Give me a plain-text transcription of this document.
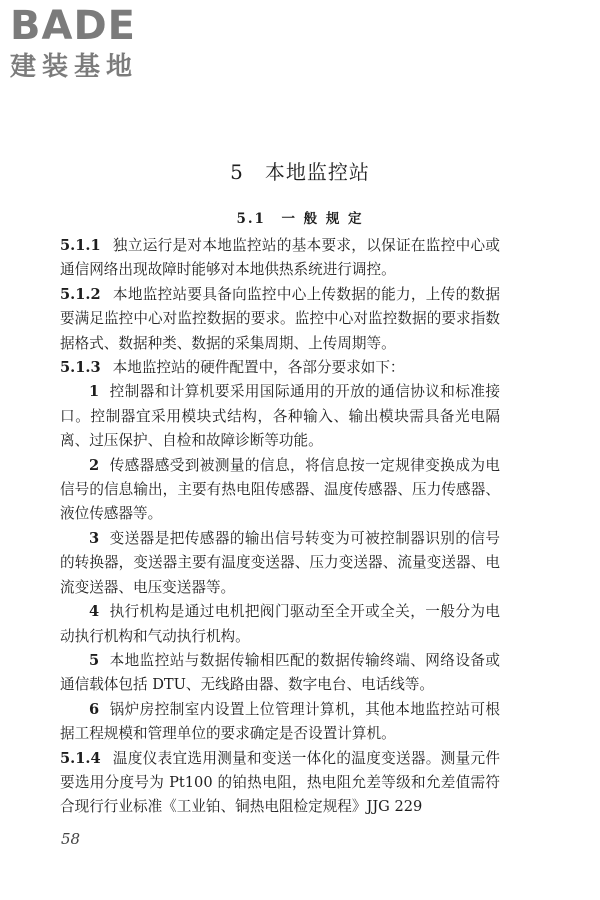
BADE
建装基地
5　本地监控站
5.1　一 般 规 定

5.1.1 独立运行是对本地监控站的基本要求，以保证在监控中心或通信网络出现故障时能够对本地供热系统进行调控。

5.1.2 本地监控站要具备向监控中心上传数据的能力，上传的数据要满足监控中心对监控数据的要求。监控中心对监控数据的要求指数据格式、数据种类、数据的采集周期、上传周期等。

5.1.3 本地监控站的硬件配置中，各部分要求如下：

1 控制器和计算机要采用国际通用的开放的通信协议和标准接口。控制器宜采用模块式结构，各种输入、输出模块需具备光电隔离、过压保护、自检和故障诊断等功能。

2 传感器感受到被测量的信息，将信息按一定规律变换成为电信号的信息输出，主要有热电阻传感器、温度传感器、压力传感器、液位传感器等。

3 变送器是把传感器的输出信号转变为可被控制器识别的信号的转换器，变送器主要有温度变送器、压力变送器、流量变送器、电流变送器、电压变送器等。

4 执行机构是通过电机把阀门驱动至全开或全关，一般分为电动执行机构和气动执行机构。

5 本地监控站与数据传输相匹配的数据传输终端、网络设备或通信载体包括 DTU、无线路由器、数字电台、电话线等。

6 锅炉房控制室内设置上位管理计算机，其他本地监控站可根据工程规模和管理单位的要求确定是否设置计算机。

5.1.4 温度仪表宜选用测量和变送一体化的温度变送器。测量元件要选用分度号为 Pt100 的铂热电阻，热电阻允差等级和允差值需符合现行行业标准《工业铂、铜热电阻检定规程》JJG 229

58
